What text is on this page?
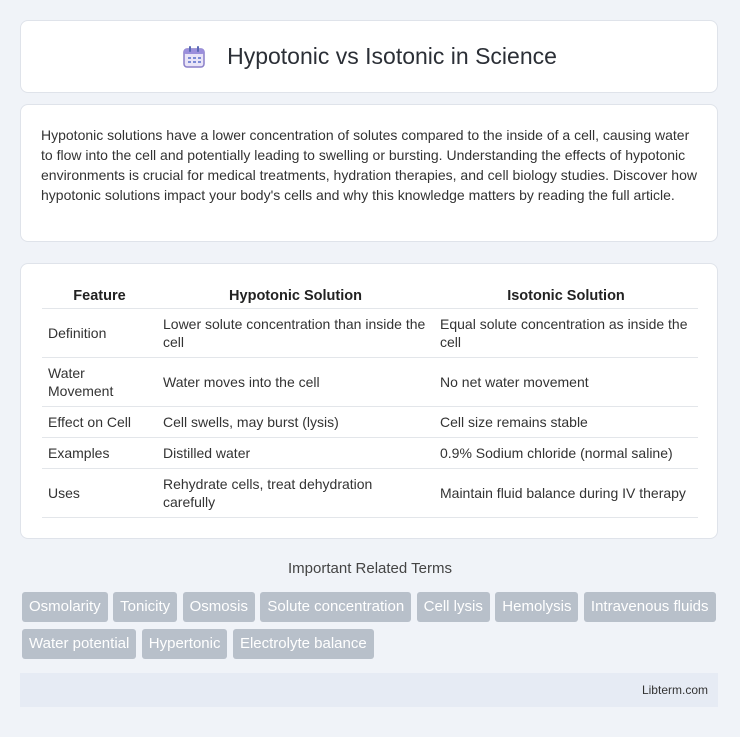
Hypotonic vs Isotonic in Science

Hypotonic solutions have a lower concentration of solutes compared to the inside of a cell, causing water to flow into the cell and potentially leading to swelling or bursting. Understanding the effects of hypotonic environments is crucial for medical treatments, hydration therapies, and cell biology studies. Discover how hypotonic solutions impact your body's cells and why this knowledge matters by reading the full article.

Feature	Hypotonic Solution	Isotonic Solution
Definition	Lower solute concentration than inside the cell	Equal solute concentration as inside the cell
Water Movement	Water moves into the cell	No net water movement
Effect on Cell	Cell swells, may burst (lysis)	Cell size remains stable
Examples	Distilled water	0.9% Sodium chloride (normal saline)
Uses	Rehydrate cells, treat dehydration carefully	Maintain fluid balance during IV therapy
Important Related Terms
Osmolarity Tonicity Osmosis Solute concentration Cell lysis Hemolysis Intravenous fluids Water potential Hypertonic Electrolyte balance
Libterm.com
